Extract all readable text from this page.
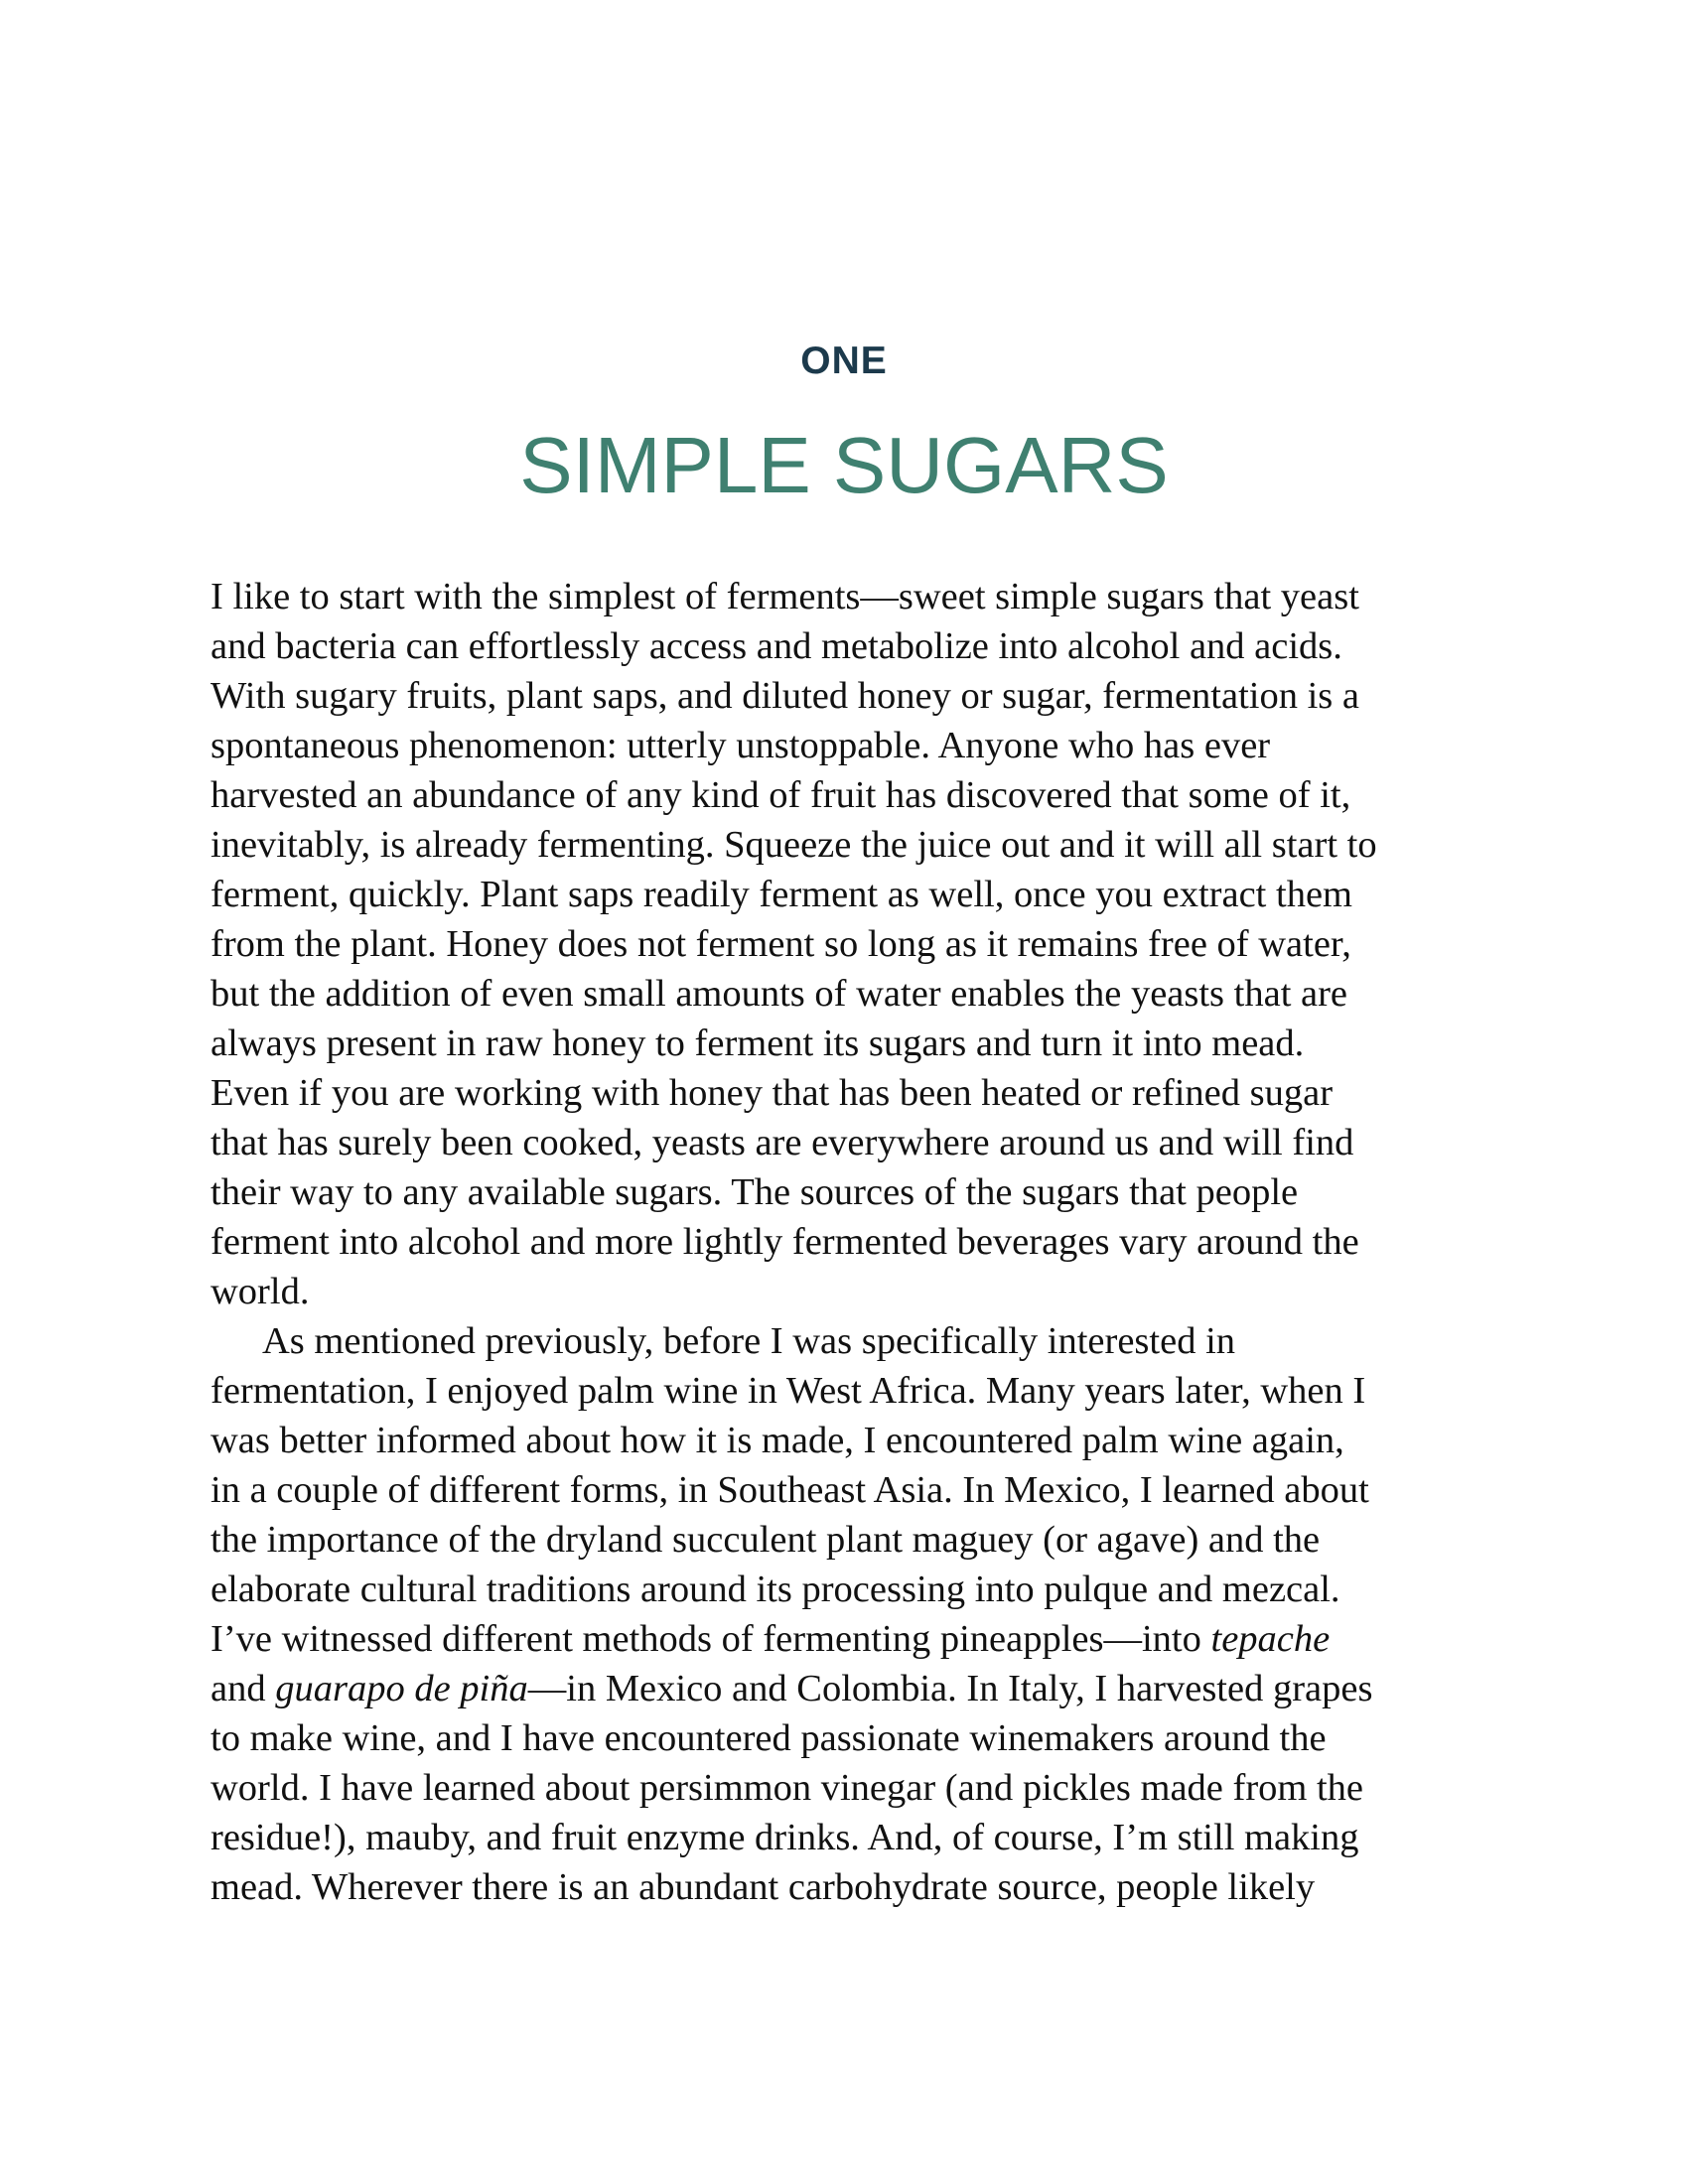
ONE
SIMPLE SUGARS
I like to start with the simplest of ferments—sweet simple sugars that yeast
and bacteria can effortlessly access and metabolize into alcohol and acids.
With sugary fruits, plant saps, and diluted honey or sugar, fermentation is a
spontaneous phenomenon: utterly unstoppable. Anyone who has ever
harvested an abundance of any kind of fruit has discovered that some of it,
inevitably, is already fermenting. Squeeze the juice out and it will all start to
ferment, quickly. Plant saps readily ferment as well, once you extract them
from the plant. Honey does not ferment so long as it remains free of water,
but the addition of even small amounts of water enables the yeasts that are
always present in raw honey to ferment its sugars and turn it into mead.
Even if you are working with honey that has been heated or refined sugar
that has surely been cooked, yeasts are everywhere around us and will find
their way to any available sugars. The sources of the sugars that people
ferment into alcohol and more lightly fermented beverages vary around the
world.
As mentioned previously, before I was specifically interested in
fermentation, I enjoyed palm wine in West Africa. Many years later, when I
was better informed about how it is made, I encountered palm wine again,
in a couple of different forms, in Southeast Asia. In Mexico, I learned about
the importance of the dryland succulent plant maguey (or agave) and the
elaborate cultural traditions around its processing into pulque and mezcal.
I’ve witnessed different methods of fermenting pineapples—into tepache
and guarapo de piña—in Mexico and Colombia. In Italy, I harvested grapes
to make wine, and I have encountered passionate winemakers around the
world. I have learned about persimmon vinegar (and pickles made from the
residue!), mauby, and fruit enzyme drinks. And, of course, I’m still making
mead. Wherever there is an abundant carbohydrate source, people likely
